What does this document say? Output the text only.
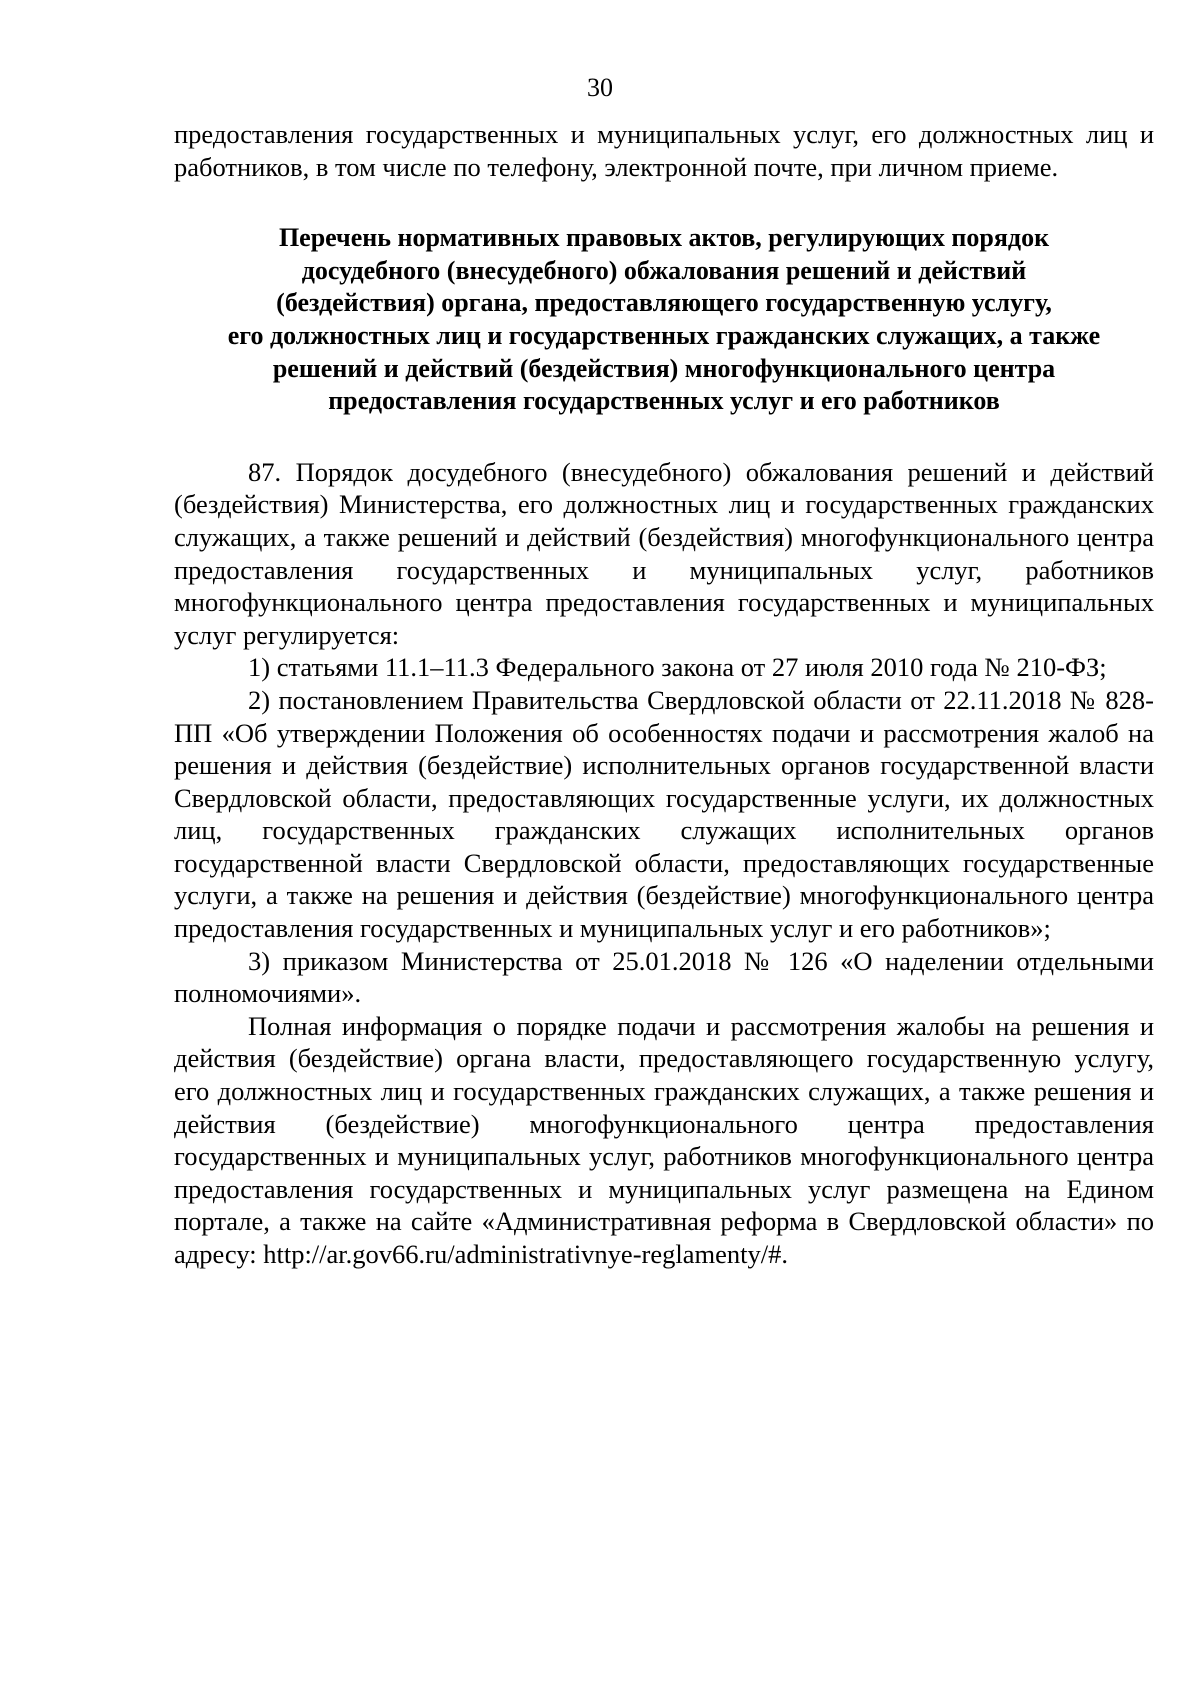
30

предоставления государственных и муниципальных услуг, его должностных лиц и работников, в том числе по телефону, электронной почте, при личном приеме.

Перечень нормативных правовых актов, регулирующих порядок
досудебного (внесудебного) обжалования решений и действий
(бездействия) органа, предоставляющего государственную услугу,
его должностных лиц и государственных гражданских служащих, а также
решений и действий (бездействия) многофункционального центра
предоставления государственных услуг и его работников

87. Порядок досудебного (внесудебного) обжалования решений и действий (бездействия) Министерства, его должностных лиц и государственных гражданских служащих, а также решений и действий (бездействия) многофункционального центра предоставления государственных и муниципальных услуг, работников многофункционального центра предоставления государственных и муниципальных услуг регулируется:

1) статьями 11.1–11.3 Федерального закона от 27 июля 2010 года № 210-ФЗ;

2) постановлением Правительства Свердловской области от 22.11.2018 № 828-ПП «Об утверждении Положения об особенностях подачи и рассмотрения жалоб на решения и действия (бездействие) исполнительных органов государственной власти Свердловской области, предоставляющих государственные услуги, их должностных лиц, государственных гражданских служащих исполнительных органов государственной власти Свердловской области, предоставляющих государственные услуги, а также на решения и действия (бездействие) многофункционального центра предоставления государственных и муниципальных услуг и его работников»;

3) приказом Министерства от 25.01.2018 № 126 «О наделении отдельными полномочиями».

Полная информация о порядке подачи и рассмотрения жалобы на решения и действия (бездействие) органа власти, предоставляющего государственную услугу, его должностных лиц и государственных гражданских служащих, а также решения и действия (бездействие) многофункционального центра предоставления государственных и муниципальных услуг, работников многофункционального центра предоставления государственных и муниципальных услуг размещена на Едином портале, а также на сайте «Административная реформа в Свердловской области» по адресу: http://ar.gov66.ru/administrativnye-reglamenty/#.
